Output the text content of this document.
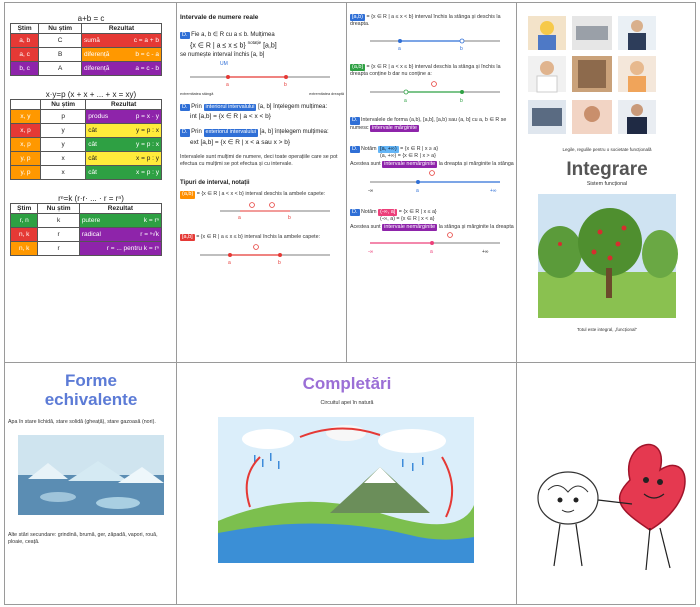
a+b = c
Știm	Nu știm	Rezultat
a, b	C	sumă c = a + b

a, c	B	diferență b = c - a

b, c	A	diferență a = c - b
x·y=p (x + x + ... + x = xy)
Știm	Nu știm	Rezultat
x, y	p	produs p = x · y

x, p	y	cât y = p : x

x, p	y	cât y = p : x

y, p	x	cât x = p : y

y, p	x	cât x = p : y
rⁿ=k (r·r· ... · r = rⁿ)
Știm	Nu știm	Rezultat
r, n	k	putere k = rⁿ

n, k	r	radical r = ⁿ√k

n, k	r	r = ... pentru k = rⁿ
Intervale de numere reale
D. Fie a, b ∈ R cu a ≤ b. Mulțimea
{x ∈ R | a ≤ x ≤ b} $^{notație}$ [a,b]
se numește interval închis [a, b]
UM
a	b
extremitatea stângă	extremitatea dreaptă
D. Prin interiorul intervalului [a, b] înțelegem mulțimea:
int [a,b] = {x ∈ R | a < x < b}
D. Prin exteriorul intervalului [a, b] înțelegem mulțimea:
ext [a,b] = {x ∈ R | x < a sau x > b}
Intervalele sunt mulțimi de numere, deci toate operațiile care se pot efectua cu mulțimi se pot efectua și cu intervale.
Tipuri de interval, notații
(a,b) = {x ∈ R | a < x < b} interval deschis la ambele capete:
a	b
[a,b] = {x ∈ R | a ≤ x ≤ b} interval închis la ambele capete:
a	b
[a,b) = {x ∈ R | a ≤ x < b} interval închis la stânga și deschis la dreapta.
a	b
(a,b] = {x ∈ R | a < x ≤ b} interval deschis la stânga și închis la dreapta conține b dar nu conține a:
a	b
D. Intervalele de forma (a,b), [a,b], [a,b) sau (a, b] cu a, b ∈ R se numesc intervale mărginite
D. Notăm [a, +∞) = {x ∈ R | x ≥ a}
(a, +∞) = {x ∈ R | x > a}
Acestea sunt intervale nemărginite la dreapta și mărginite la stânga
-∞	a	+∞
D. Notăm (-∞, a] = {x ∈ R | x ≤ a}
(-∞, a) = {x ∈ R | x < a}
Acestea sunt intervale nemărginite la stânga și mărginite la dreapta
-∞	a	+∞
Legile, regulile pentru o societate funcțională
Integrare
Sistem funcțional
Totul este integral, „funcțional”
Forme
echivalente
Apa în stare lichidă, stare solidă (gheață), stare gazoasă (nori).
Alte stări secundare: grindină, brumă, ger, zăpadă, vapori, rouă, ploaie, ceață.
Completări
Circuitul apei în natură
